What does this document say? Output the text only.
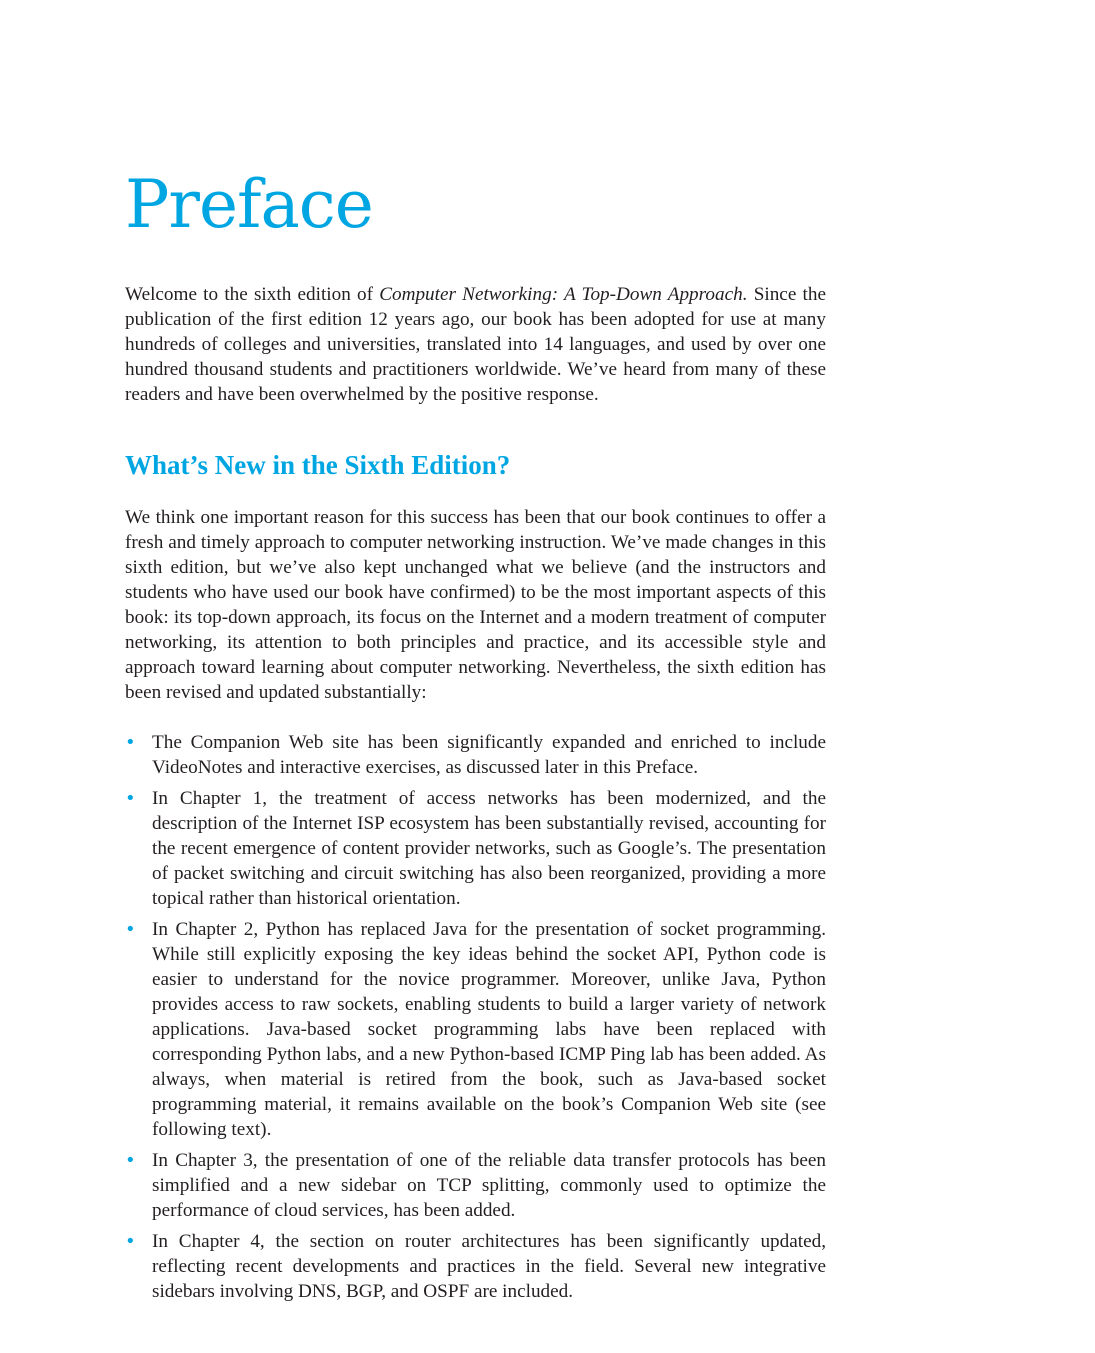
Preface

Welcome to the sixth edition of Computer Networking: A Top-Down Approach. Since the publication of the first edition 12 years ago, our book has been adopted for use at many hundreds of colleges and universities, translated into 14 languages, and used by over one hundred thousand students and practitioners worldwide. We’ve heard from many of these readers and have been overwhelmed by the positive response.

What’s New in the Sixth Edition?

We think one important reason for this success has been that our book continues to offer a fresh and timely approach to computer networking instruction. We’ve made changes in this sixth edition, but we’ve also kept unchanged what we believe (and the instructors and students who have used our book have confirmed) to be the most important aspects of this book: its top-down approach, its focus on the Internet and a modern treatment of computer networking, its attention to both principles and practice, and its accessible style and approach toward learning about computer networking. Nevertheless, the sixth edition has been revised and updated substantially:

• The Companion Web site has been significantly expanded and enriched to include VideoNotes and interactive exercises, as discussed later in this Preface.
• In Chapter 1, the treatment of access networks has been modernized, and the description of the Internet ISP ecosystem has been substantially revised, accounting for the recent emergence of content provider networks, such as Google’s. The presentation of packet switching and circuit switching has also been reorganized, providing a more topical rather than historical orientation.
• In Chapter 2, Python has replaced Java for the presentation of socket programming. While still explicitly exposing the key ideas behind the socket API, Python code is easier to understand for the novice programmer. Moreover, unlike Java, Python provides access to raw sockets, enabling students to build a larger variety of network applications. Java-based socket programming labs have been replaced with corresponding Python labs, and a new Python-based ICMP Ping lab has been added. As always, when material is retired from the book, such as Java-based socket programming material, it remains available on the book’s Companion Web site (see following text).
• In Chapter 3, the presentation of one of the reliable data transfer protocols has been simplified and a new sidebar on TCP splitting, commonly used to optimize the performance of cloud services, has been added.
• In Chapter 4, the section on router architectures has been significantly updated, reflecting recent developments and practices in the field. Several new integrative sidebars involving DNS, BGP, and OSPF are included.
